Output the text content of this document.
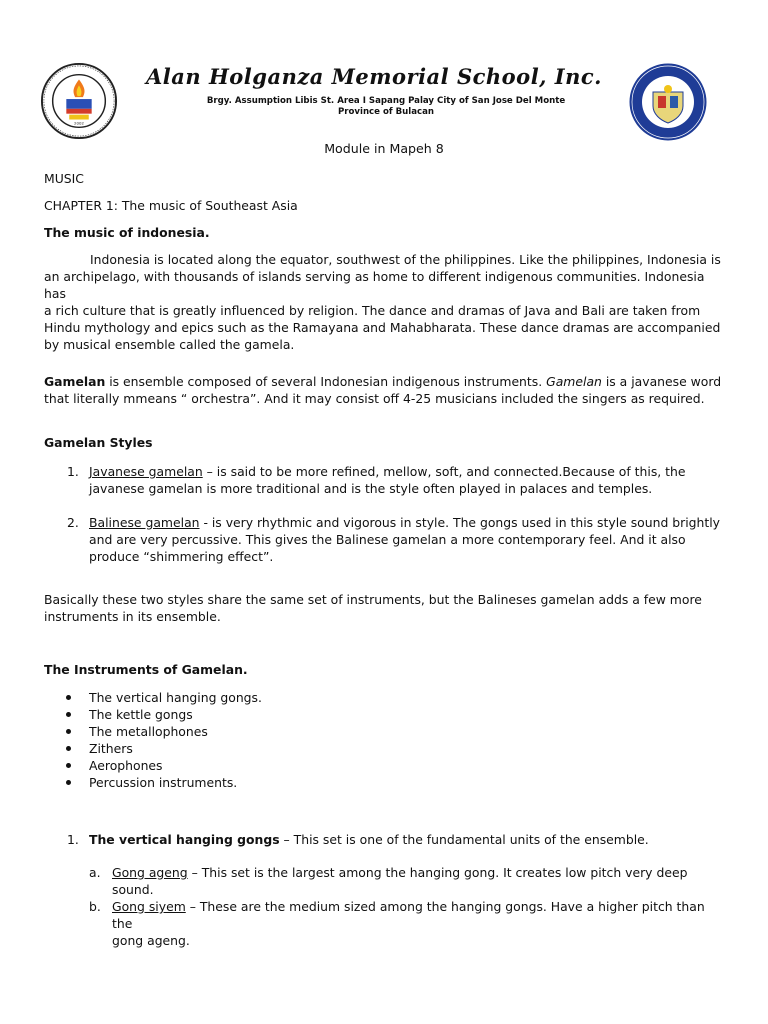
2002
Alan Holganza Memorial School, Inc.
Brgy. Assumption Libis St. Area I Sapang Palay City of San Jose Del Monte
Province of Bulacan
Module in Mapeh 8
MUSIC
CHAPTER 1: The music of Southeast Asia
The music of indonesia.
Indonesia is located along the equator, southwest of the philippines. Like the philippines, Indonesia is
an archipelago, with thousands of islands serving as home to different indigenous communities. Indonesia has
a rich culture that is greatly influenced by religion. The dance and dramas of Java and Bali are taken from
Hindu mythology and epics such as the Ramayana and Mahabharata. These dance dramas are accompanied
by musical ensemble called the gamela.
Gamelan is ensemble composed of several Indonesian indigenous instruments. Gamelan is a javanese word
that literally mmeans “ orchestra”. And it may consist off 4-25 musicians included the singers as required.
Gamelan Styles
1. Javanese gamelan – is said to be more refined, mellow, soft, and connected.Because of this, the
javanese gamelan is more traditional and is the style often played in palaces and temples.
2. Balinese gamelan - is very rhythmic and vigorous in style. The gongs used in this style sound brightly
and are very percussive. This gives the Balinese gamelan a more contemporary feel. And it also
produce “shimmering effect”.
Basically these two styles share the same set of instruments, but the Balineses gamelan adds a few more
instruments in its ensemble.
The Instruments of Gamelan.
The vertical hanging gongs.
The kettle gongs
The metallophones
Zithers
Aerophones
Percussion instruments.
1. The vertical hanging gongs – This set is one of the fundamental units of the ensemble.
a. Gong ageng – This set is the largest among the hanging gong. It creates low pitch very deep
sound.
b. Gong siyem – These are the medium sized among the hanging gongs. Have a higher pitch than the
gong ageng.
